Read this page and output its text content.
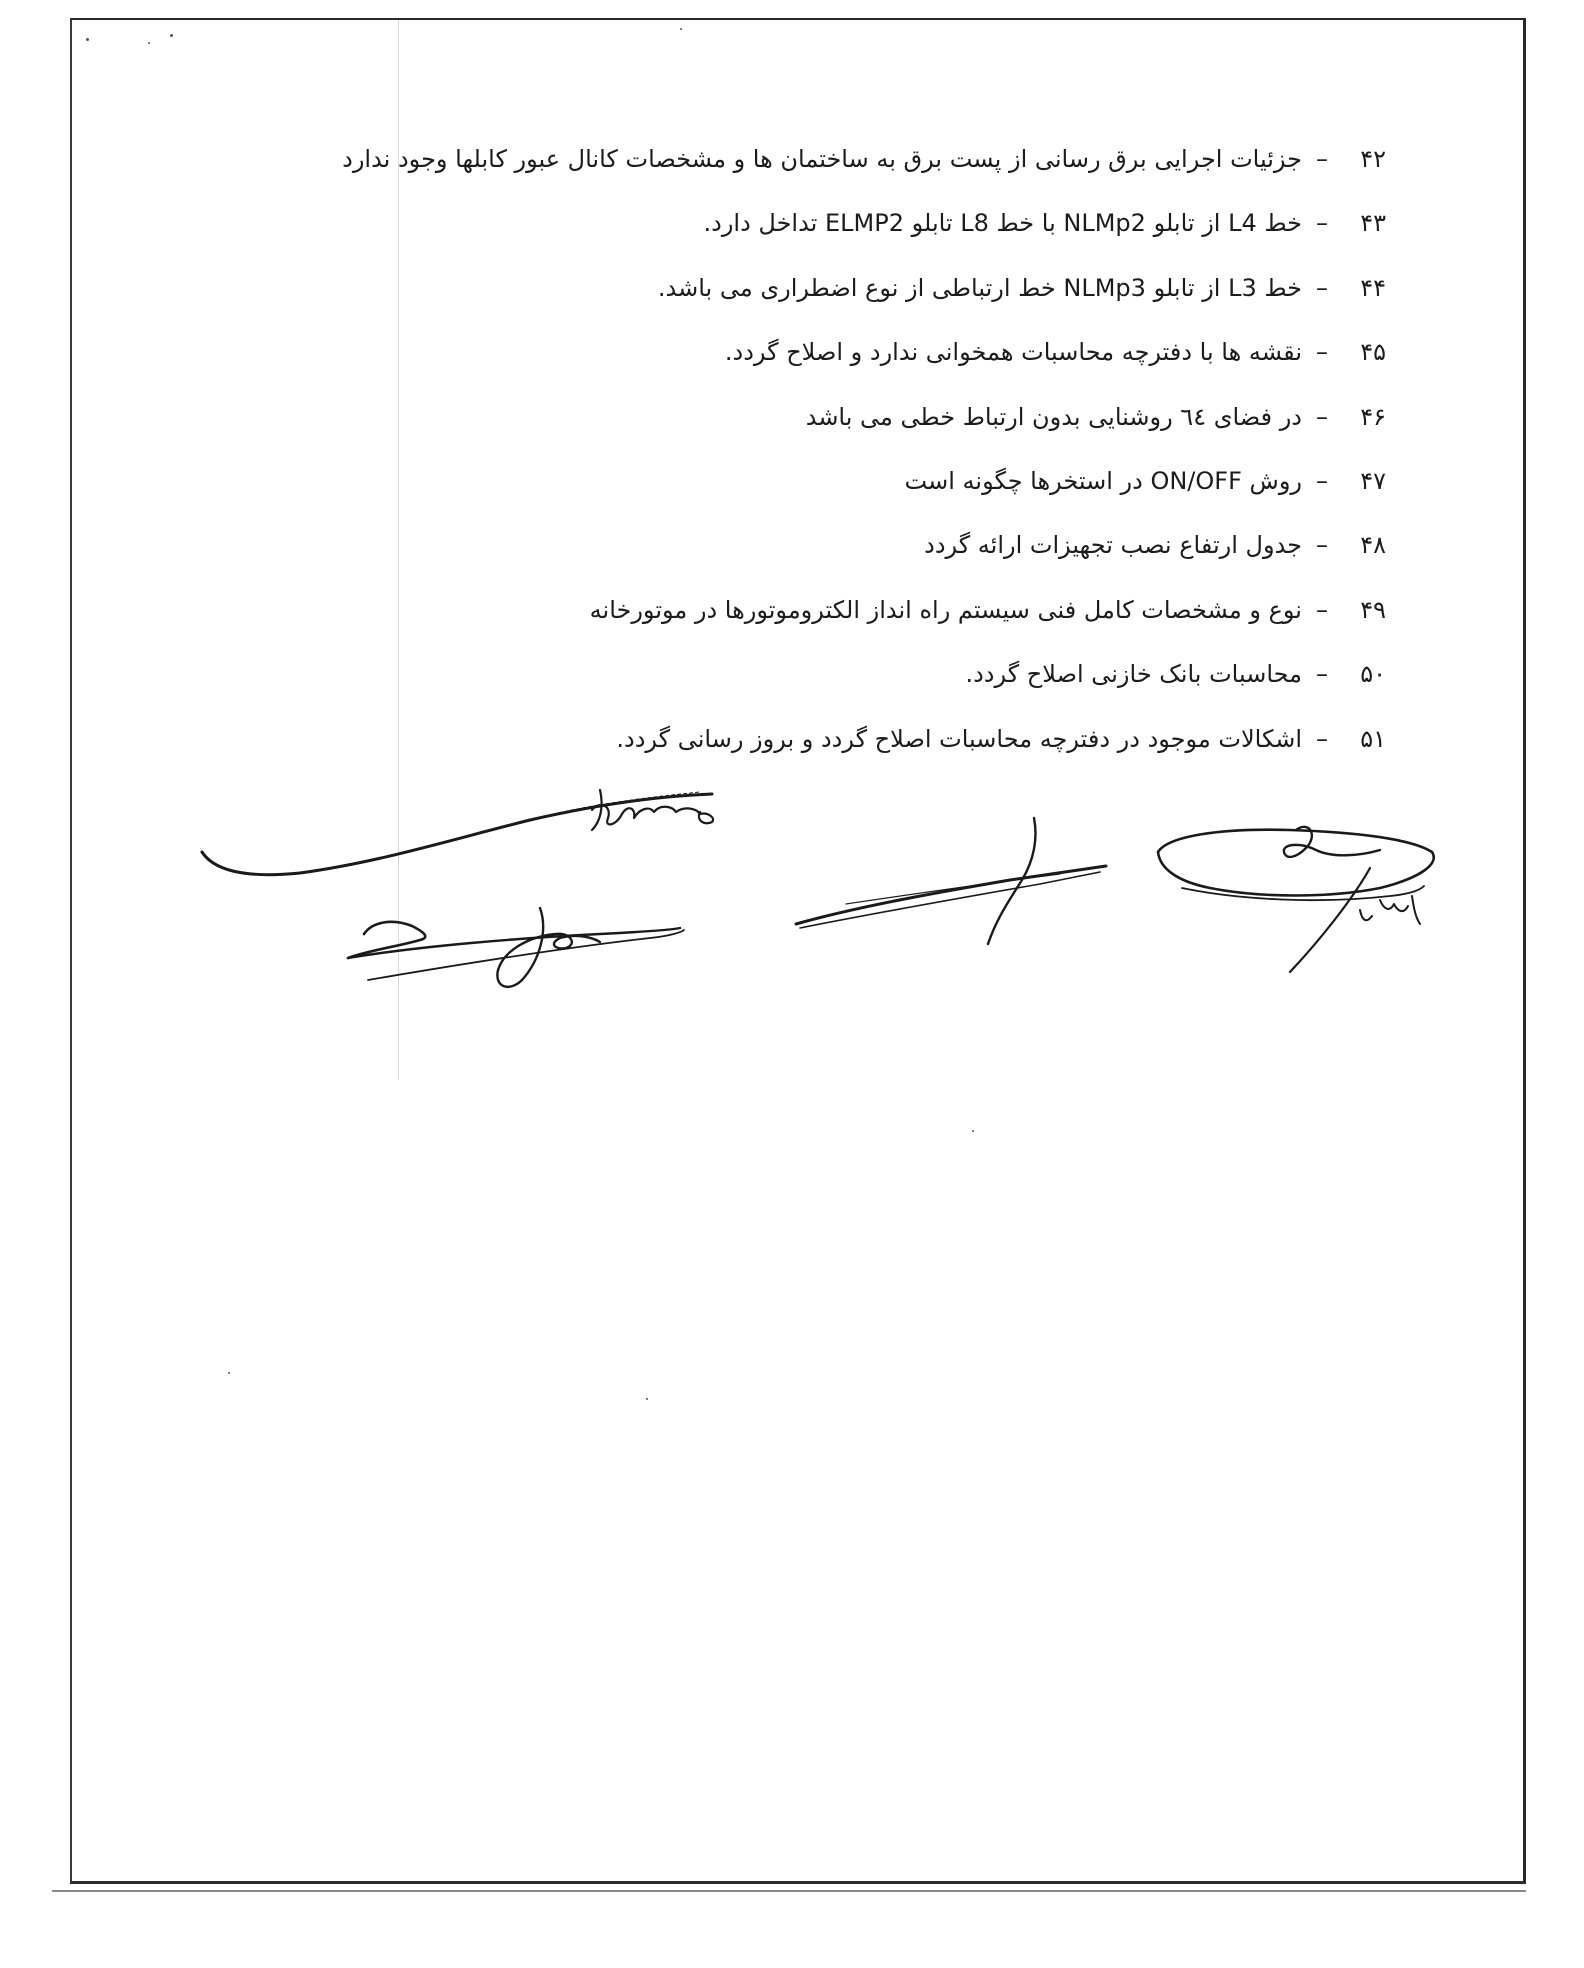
۴۲
–
جزئیات اجرایی برق رسانی از پست برق به ساختمان ها و مشخصات کانال عبور کابلها وجود ندارد
۴۳
–
خط L4 از تابلو NLMp2 با خط L8 تابلو ELMP2 تداخل دارد.
۴۴
–
خط L3 از تابلو NLMp3 خط ارتباطی از نوع اضطراری می باشد.
۴۵
–
نقشه ها با دفترچه محاسبات همخوانی ندارد و اصلاح گردد.
۴۶
–
در فضای ٦٤ روشنایی بدون ارتباط خطی می باشد
۴۷
–
روش ON/OFF در استخرها چگونه است
۴۸
–
جدول ارتفاع نصب تجهیزات ارائه گردد
۴۹
–
نوع و مشخصات کامل فنی سیستم راه انداز الکتروموتورها در موتورخانه
۵۰
–
محاسبات بانک خازنی اصلاح گردد.
۵۱
–
اشکالات موجود در دفترچه محاسبات اصلاح گردد و بروز رسانی گردد.
